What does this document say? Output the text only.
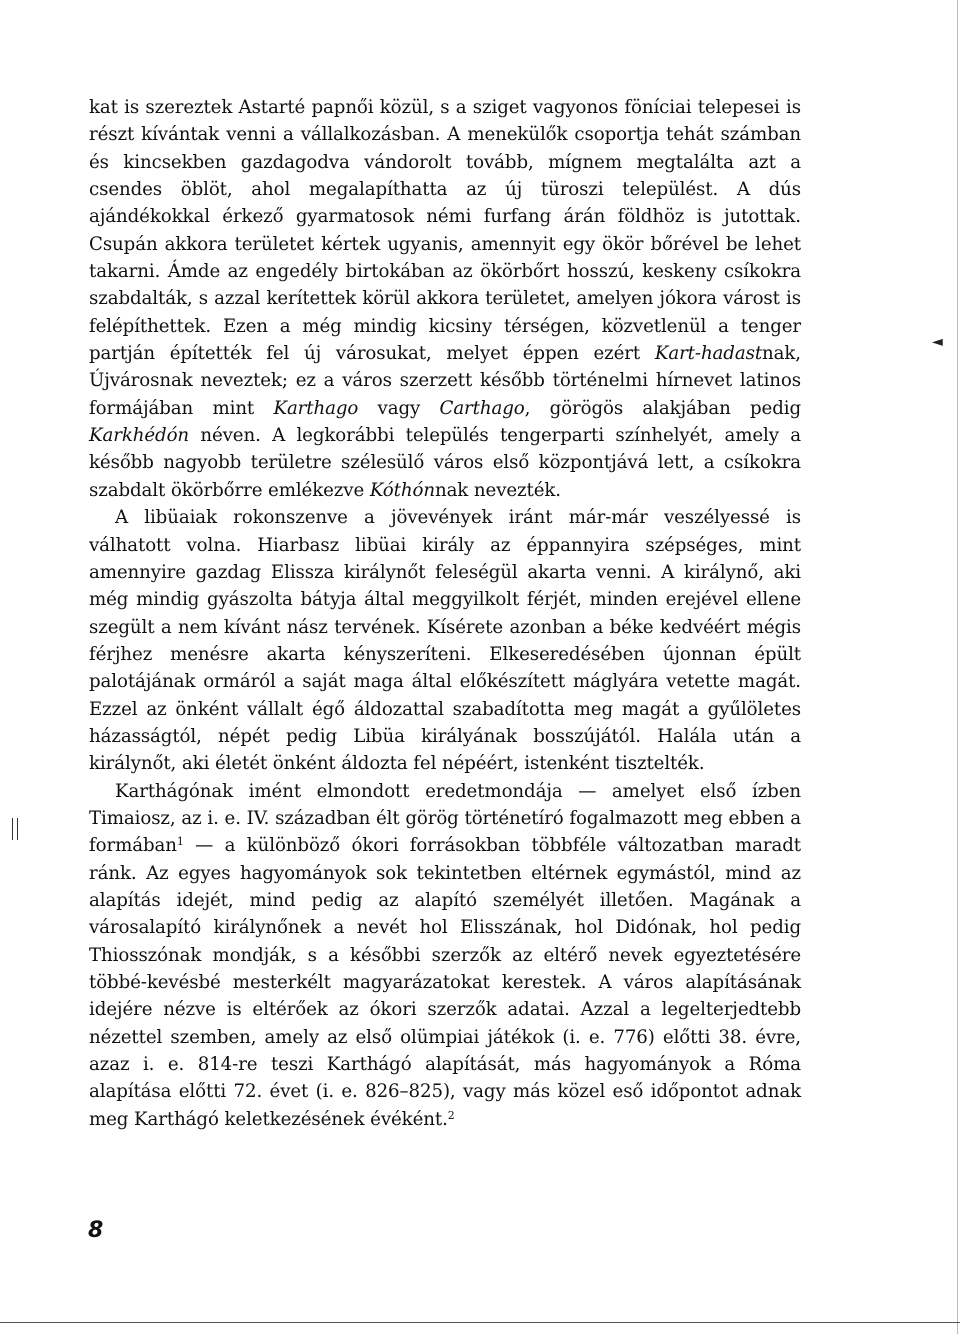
◄

kat is szereztek Astarté papnői közül, s a sziget vagyonos föníciai telepesei is részt kívántak venni a vállalkozásban. A menekülők csoportja tehát számban és kincsekben gazdagodva vándorolt tovább, mígnem megtalálta azt a csendes öblöt, ahol megalapíthatta az új türoszi települést. A dús ajándékokkal érkező gyarmatosok némi furfang árán földhöz is jutottak. Csupán akkora területet kértek ugyanis, amennyit egy ökör bőrével be lehet takarni. Ámde az engedély birtokában az ökörbőrt hosszú, keskeny csíkokra szabdalták, s azzal kerítettek körül akkora területet, amelyen jókora várost is felépíthettek. Ezen a még mindig kicsiny térségen, közvetlenül a tenger partján építették fel új városukat, melyet éppen ezért Kart-hadastnak, Újvárosnak neveztek; ez a város szerzett később történelmi hírnevet latinos formájában mint Karthago vagy Carthago, görögös alakjában pedig Karkhédón néven. A legkorábbi település tengerparti színhelyét, amely a később nagyobb területre szélesülő város első központjává lett, a csíkokra szabdalt ökörbőrre emlékezve Kóthónnak nevezték.

A libüaiak rokonszenve a jövevények iránt már-már veszélyessé is válhatott volna. Hiarbasz libüai király az éppannyira szépséges, mint amennyire gazdag Elissza királynőt feleségül akarta venni. A királynő, aki még mindig gyászolta bátyja által meggyilkolt férjét, minden erejével ellene szegült a nem kívánt nász tervének. Kísérete azonban a béke kedvéért mégis férjhez menésre akarta kényszeríteni. Elkeseredésében újonnan épült palotájának ormáról a saját maga által előkészített máglyára vetette magát. Ezzel az önként vállalt égő áldozattal szabadította meg magát a gyűlöletes házasságtól, népét pedig Libüa királyának bosszújától. Halála után a királynőt, aki életét önként áldozta fel népéért, istenként tisztelték.

Karthágónak imént elmondott eredetmondája — amelyet első ízben Timaiosz, az i. e. IV. században élt görög történetíró fogalmazott meg ebben a formában$^1$ — a különböző ókori forrásokban többféle változatban maradt ránk. Az egyes hagyományok sok tekintetben eltérnek egymástól, mind az alapítás idejét, mind pedig az alapító személyét illetően. Magának a városalapító királynőnek a nevét hol Elisszának, hol Didónak, hol pedig Thiosszónak mondják, s a későbbi szerzők az eltérő nevek egyeztetésére többé-kevésbé mesterkélt magyarázatokat kerestek. A város alapításának idejére nézve is eltérőek az ókori szerzők adatai. Azzal a legelterjedtebb nézettel szemben, amely az első olümpiai játékok (i. e. 776) előtti 38. évre, azaz i. e. 814-re teszi Karthágó alapítását, más hagyományok a Róma alapítása előtti 72. évet (i. e. 826–825), vagy más közel eső időpontot adnak meg Karthágó keletkezésének évéként.$^2$

8
